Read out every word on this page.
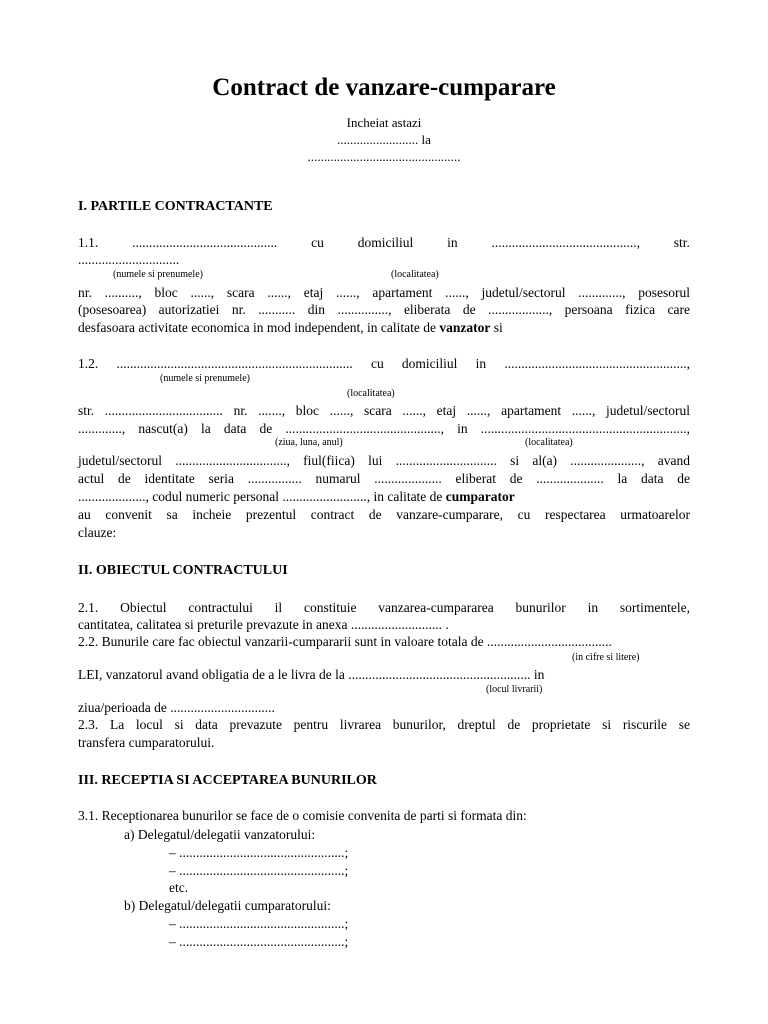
Contract de vanzare-cumparare
Incheiat astazi
......................... la
...............................................
I. PARTILE CONTRACTANTE
1.1.	...........................................	cu	domiciliul	in	...........................................,	str.
..............................
(numele si prenumele)	(localitatea)
nr. .........., bloc ......, scara ......, etaj ......, apartament ......, judetul/sectorul ............., posesorul
(posesoarea) autorizatiei nr. ........... din ..............., eliberata de .................., persoana fizica care
desfasoara activitate economica in mod independent, in calitate de vanzator si
1.2. ...................................................................... cu domiciliul in ......................................................,
(numele si prenumele)
(localitatea)
str. ................................... nr. ......., bloc ......, scara ......, etaj ......, apartament ......, judetul/sectorul
............., nascut(a) la data de .............................................., in .............................................................,
(ziua, luna, anul)	(localitatea)
judetul/sectorul ................................., fiul(fiica) lui .............................. si al(a) ....................., avand
actul de identitate seria ................ numarul .................... eliberat de .................... la data de
...................., codul numeric personal ........................., in calitate de cumparator
au convenit sa incheie prezentul contract de vanzare-cumparare, cu respectarea urmatoarelor
clauze:
II. OBIECTUL CONTRACTULUI
2.1. Obiectul contractului il constituie vanzarea-cumpararea bunurilor in sortimentele,
cantitatea, calitatea si preturile prevazute in anexa ........................... .
2.2. Bunurile care fac obiectul vanzarii-cumpararii sunt in valoare totala de .....................................
(in cifre si litere)
LEI, vanzatorul avand obligatia de a le livra de la ...................................................... in
(locul livrarii)
ziua/perioada de ...............................
2.3. La locul si data prevazute pentru livrarea bunurilor, dreptul de proprietate si riscurile se
transfera cumparatorului.
III. RECEPTIA SI ACCEPTAREA BUNURILOR
3.1. Receptionarea bunurilor se face de o comisie convenita de parti si formata din:
a) Delegatul/delegatii vanzatorului:
– .................................................;
– .................................................;
etc.
b) Delegatul/delegatii cumparatorului:
– .................................................;
– .................................................;
